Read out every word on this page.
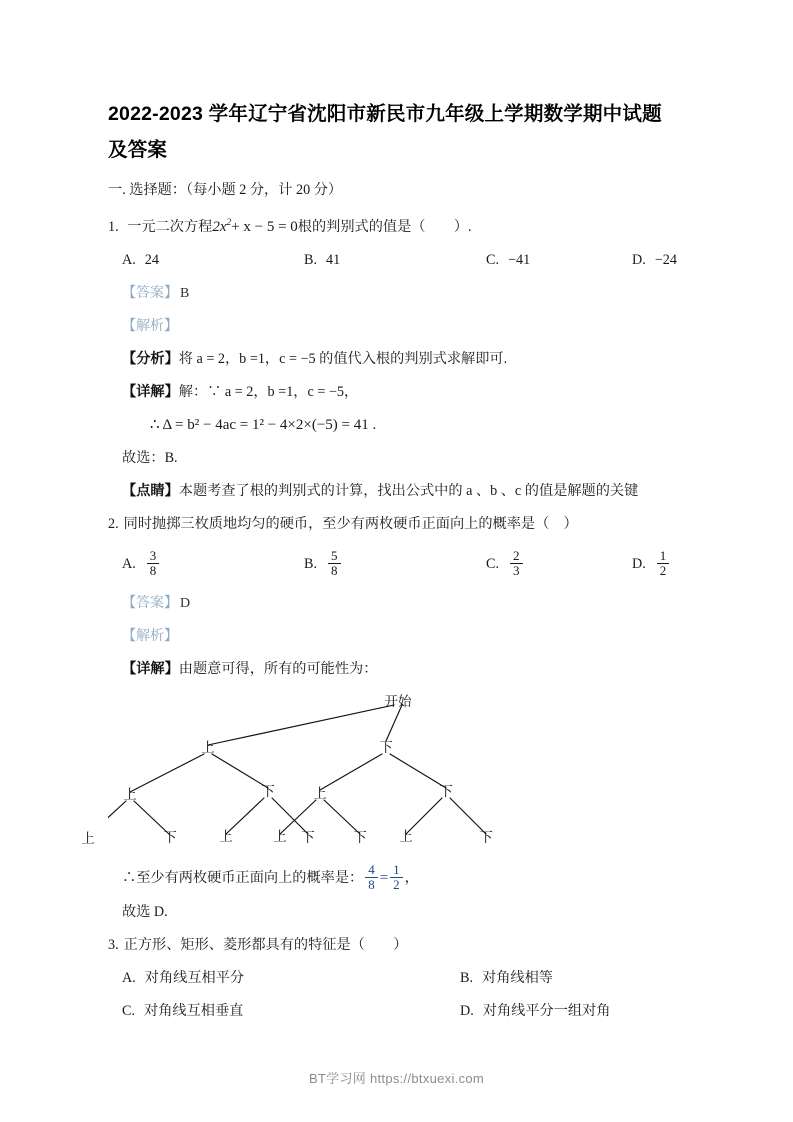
2022-2023 学年辽宁省沈阳市新民市九年级上学期数学期中试题及答案
一. 选择题：（每小题 2 分，计 20 分）
1. 一元二次方程$2x^2+ x - 5 = 0$根的判别式的值是（　　）.
A. 24	B. 41	C. −41	D. −24
【答案】 B
【解析】
【分析】将 a = 2，b =1，c = −5 的值代入根的判别式求解即可.
【详解】解：∵ a = 2，b =1，c = −5，
∴ Δ = b² − 4ac = 1² − 4×2×(−5) = 41 .
故选：B.
【点睛】本题考查了根的判别式的计算，找出公式中的 a 、b 、c 的值是解题的关键
2. 同时抛掷三枚质地均匀的硬币，至少有两枚硬币正面向上的概率是（　）
A. $\frac{3}{8}$	B. $\frac{5}{8}$	C. $\frac{2}{3}$	D. $\frac{1}{2}$
【答案】 D
【解析】
【详解】由题意可得，所有的可能性为：
开始
上	下
上	下	上	下
上	下	上	下
上	下 上	下
∴至少有两枚硬币正面向上的概率是： $\frac{4}{8} = \frac{1}{2}$ ，
故选 D.
3. 正方形、矩形、菱形都具有的特征是（　　）
A. 对角线互相平分	B. 对角线相等
C. 对角线互相垂直	D. 对角线平分一组对角
BT学习网 https://btxuexi.com
